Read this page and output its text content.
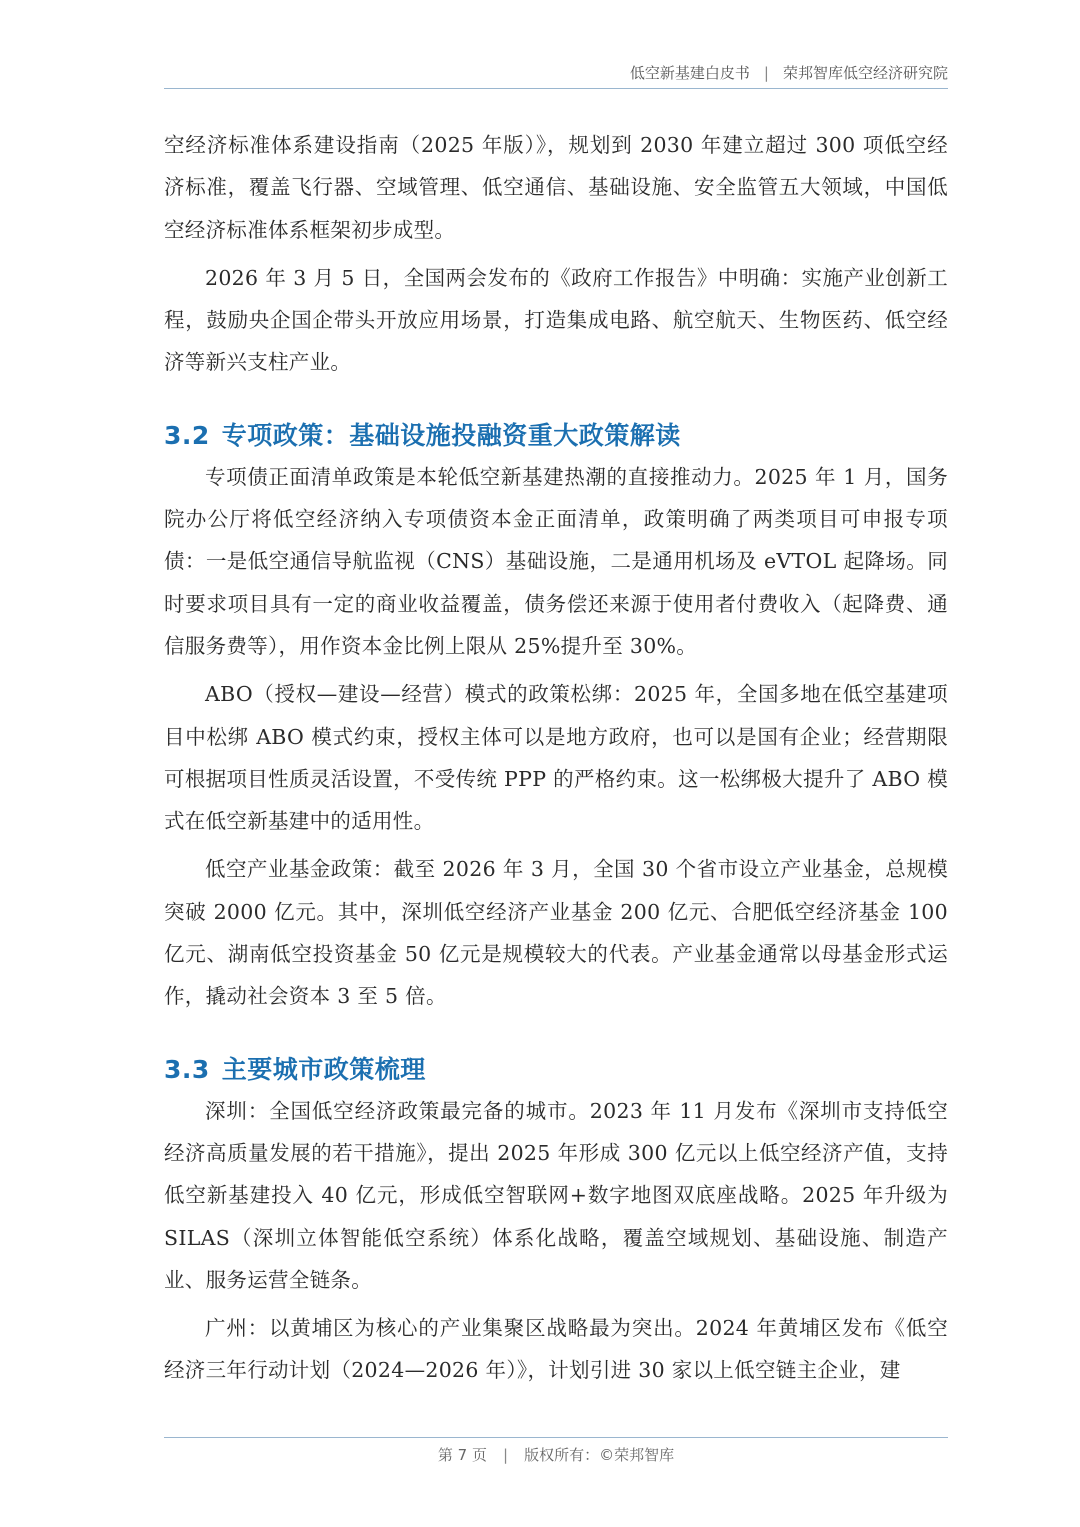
低空新基建白皮书 | 荣邦智库低空经济研究院

空经济标准体系建设指南（2025 年版）》，规划到 2030 年建立超过 300 项低空经济标准，覆盖飞行器、空域管理、低空通信、基础设施、安全监管五大领域，中国低空经济标准体系框架初步成型。

2026 年 3 月 5 日，全国两会发布的《政府工作报告》中明确：实施产业创新工程，鼓励央企国企带头开放应用场景，打造集成电路、航空航天、生物医药、低空经济等新兴支柱产业。

3.2 专项政策：基础设施投融资重大政策解读

专项债正面清单政策是本轮低空新基建热潮的直接推动力。2025 年 1 月，国务院办公厅将低空经济纳入专项债资本金正面清单，政策明确了两类项目可申报专项债：一是低空通信导航监视（CNS）基础设施，二是通用机场及 eVTOL 起降场。同时要求项目具有一定的商业收益覆盖，债务偿还来源于使用者付费收入（起降费、通信服务费等），用作资本金比例上限从 25%提升至 30%。

ABO（授权—建设—经营）模式的政策松绑：2025 年，全国多地在低空基建项目中松绑 ABO 模式约束，授权主体可以是地方政府，也可以是国有企业；经营期限可根据项目性质灵活设置，不受传统 PPP 的严格约束。这一松绑极大提升了 ABO 模式在低空新基建中的适用性。

低空产业基金政策：截至 2026 年 3 月，全国 30 个省市设立产业基金，总规模突破 2000 亿元。其中，深圳低空经济产业基金 200 亿元、合肥低空经济基金 100 亿元、湖南低空投资基金 50 亿元是规模较大的代表。产业基金通常以母基金形式运作，撬动社会资本 3 至 5 倍。

3.3 主要城市政策梳理

深圳：全国低空经济政策最完备的城市。2023 年 11 月发布《深圳市支持低空经济高质量发展的若干措施》，提出 2025 年形成 300 亿元以上低空经济产值，支持低空新基建投入 40 亿元，形成低空智联网+数字地图双底座战略。2025 年升级为 SILAS（深圳立体智能低空系统）体系化战略，覆盖空域规划、基础设施、制造产业、服务运营全链条。

广州：以黄埔区为核心的产业集聚区战略最为突出。2024 年黄埔区发布《低空经济三年行动计划（2024—2026 年）》，计划引进 30 家以上低空链主企业，建

第 7 页 | 版权所有：©荣邦智库
